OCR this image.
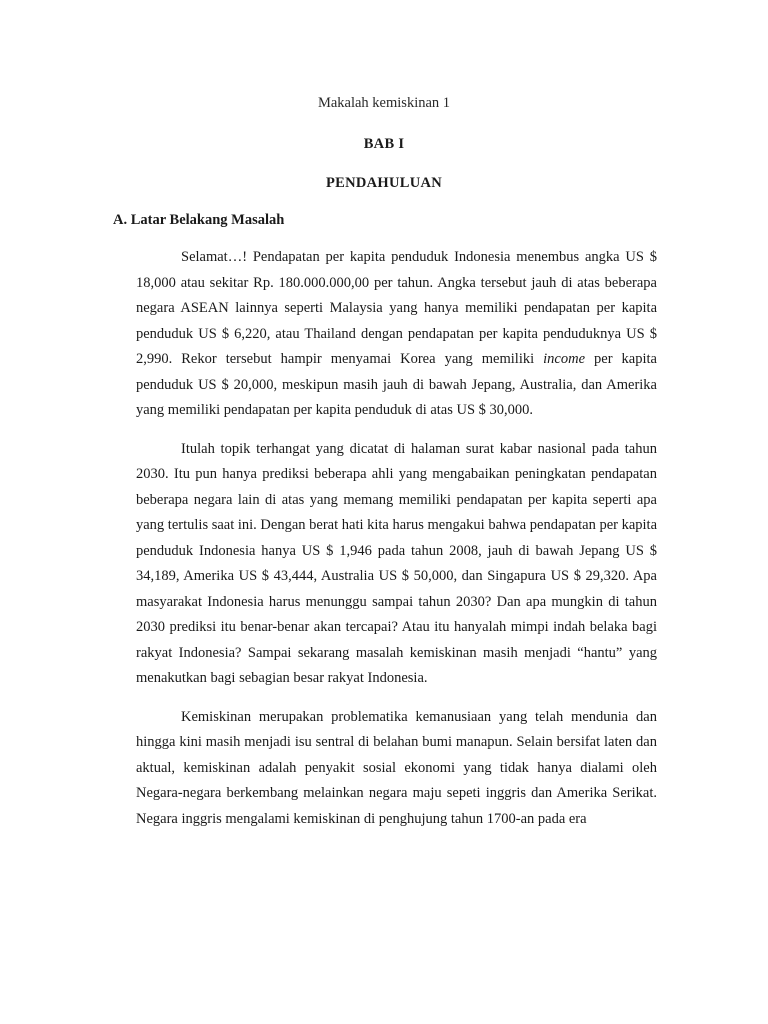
Makalah kemiskinan 1
BAB I
PENDAHULUAN
A. Latar Belakang Masalah

Selamat…! Pendapatan per kapita penduduk Indonesia menembus angka US $ 18,000 atau sekitar Rp. 180.000.000,00 per tahun. Angka tersebut jauh di atas beberapa negara ASEAN lainnya seperti Malaysia yang hanya memiliki pendapatan per kapita penduduk US $ 6,220, atau Thailand dengan pendapatan per kapita penduduknya US $ 2,990. Rekor tersebut hampir menyamai Korea yang memiliki income per kapita penduduk US $ 20,000, meskipun masih jauh di bawah Jepang, Australia, dan Amerika yang memiliki pendapatan per kapita penduduk di atas US $ 30,000.

Itulah topik terhangat yang dicatat di halaman surat kabar nasional pada tahun 2030. Itu pun hanya prediksi beberapa ahli yang mengabaikan peningkatan pendapatan beberapa negara lain di atas yang memang memiliki pendapatan per kapita seperti apa yang tertulis saat ini. Dengan berat hati kita harus mengakui bahwa pendapatan per kapita penduduk Indonesia hanya US $ 1,946 pada tahun 2008, jauh di bawah Jepang US $ 34,189, Amerika US $ 43,444, Australia US $ 50,000, dan Singapura US $ 29,320. Apa masyarakat Indonesia harus menunggu sampai tahun 2030? Dan apa mungkin di tahun 2030 prediksi itu benar-benar akan tercapai? Atau itu hanyalah mimpi indah belaka bagi rakyat Indonesia? Sampai sekarang masalah kemiskinan masih menjadi “hantu” yang menakutkan bagi sebagian besar rakyat Indonesia.

Kemiskinan merupakan problematika kemanusiaan yang telah mendunia dan hingga kini masih menjadi isu sentral di belahan bumi manapun. Selain bersifat laten dan aktual, kemiskinan adalah penyakit sosial ekonomi yang tidak hanya dialami oleh Negara-negara berkembang melainkan negara maju sepeti inggris dan Amerika Serikat. Negara inggris mengalami kemiskinan di penghujung tahun 1700-an pada era
